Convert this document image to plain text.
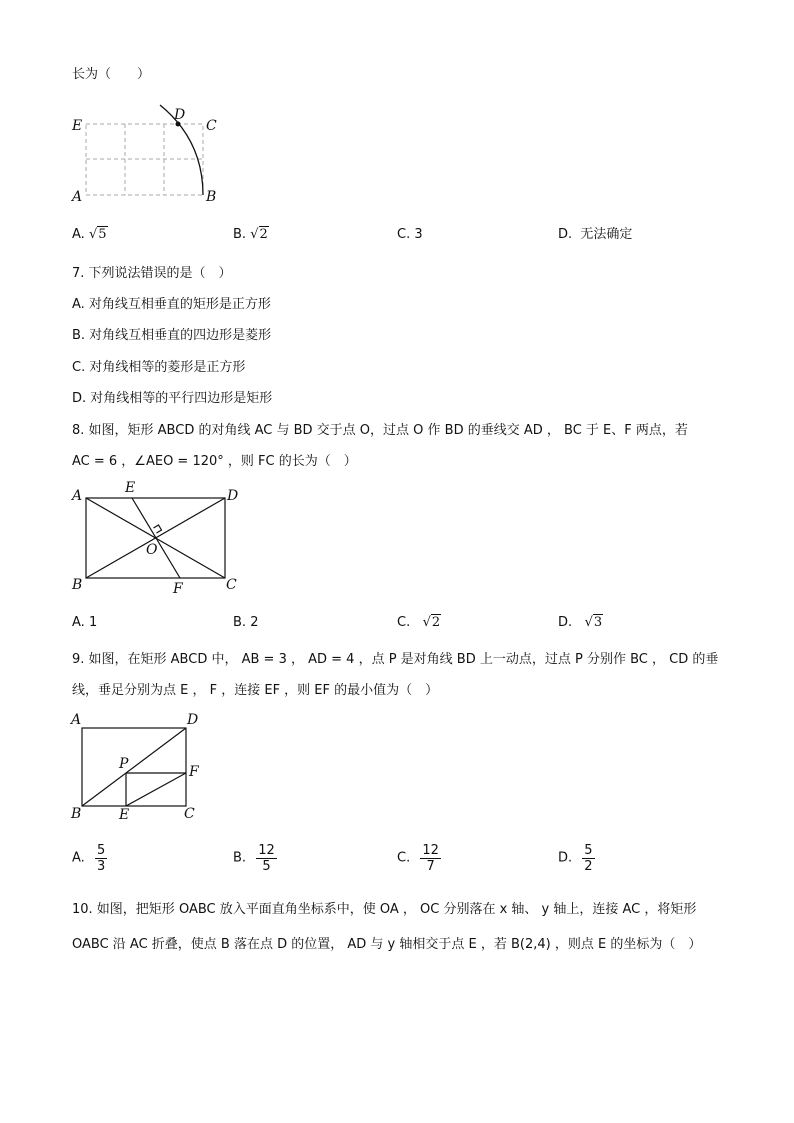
长为（　　）
E
D
C
A	B
A. √5	B. √2	C. 3	D. 无法确定
7. 下列说法错误的是（　）
A. 对角线互相垂直的矩形是正方形
B. 对角线互相垂直的四边形是菱形
C. 对角线相等的菱形是正方形
D. 对角线相等的平行四边形是矩形
8. 如图，矩形 ABCD 的对角线 AC 与 BD 交于点 O，过点 O 作 BD 的垂线交 AD ， BC 于 E、F 两点，若
AC = 6 ，∠AEO = 120° ，则 FC 的长为（　）
A	E	D
O
B	F	C
A. 1	B. 2	C. √2	D. √3
9. 如图，在矩形 ABCD 中， AB = 3 ， AD = 4 ，点 P 是对角线 BD 上一动点，过点 P 分别作 BC ， CD 的垂
线，垂足分别为点 E ， F ，连接 EF ，则 EF 的最小值为（　）
A	D
P	F
B	E	C
A. $\frac{5}{3}$	B. $\frac{12}{5}$	C. $\frac{12}{7}$	D. $\frac{5}{2}$
10. 如图，把矩形 OABC 放入平面直角坐标系中，使 OA ， OC 分别落在 x 轴、 y 轴上，连接 AC ，将矩形
OABC 沿 AC 折叠，使点 B 落在点 D 的位置， AD 与 y 轴相交于点 E ，若 B(2,4) ，则点 E 的坐标为（　）
